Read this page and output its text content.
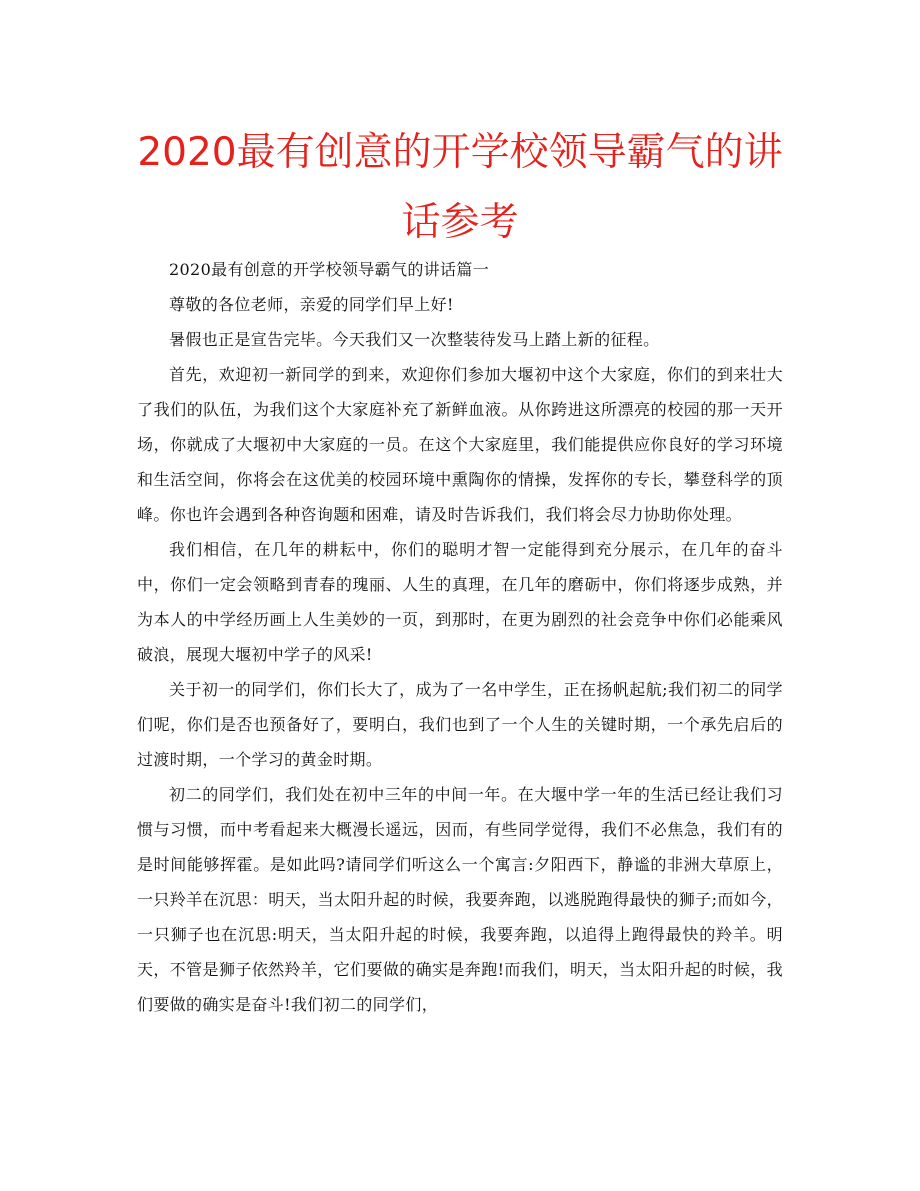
2020最有创意的开学校领导霸气的讲话参考

2020最有创意的开学校领导霸气的讲话篇一

尊敬的各位老师，亲爱的同学们早上好!

暑假也正是宣告完毕。今天我们又一次整装待发马上踏上新的征程。

首先，欢迎初一新同学的到来，欢迎你们参加大堰初中这个大家庭，你们的到来壮大了我们的队伍，为我们这个大家庭补充了新鲜血液。从你跨进这所漂亮的校园的那一天开场，你就成了大堰初中大家庭的一员。在这个大家庭里，我们能提供应你良好的学习环境和生活空间，你将会在这优美的校园环境中熏陶你的情操，发挥你的专长，攀登科学的顶峰。你也许会遇到各种咨询题和困难，请及时告诉我们，我们将会尽力协助你处理。

我们相信，在几年的耕耘中，你们的聪明才智一定能得到充分展示，在几年的奋斗中，你们一定会领略到青春的瑰丽、人生的真理，在几年的磨砺中，你们将逐步成熟，并为本人的中学经历画上人生美妙的一页，到那时，在更为剧烈的社会竞争中你们必能乘风破浪，展现大堰初中学子的风采!

关于初一的同学们，你们长大了，成为了一名中学生，正在扬帆起航;我们初二的同学们呢，你们是否也预备好了，要明白，我们也到了一个人生的关键时期，一个承先启后的过渡时期，一个学习的黄金时期。

初二的同学们，我们处在初中三年的中间一年。在大堰中学一年的生活已经让我们习惯与习惯，而中考看起来大概漫长遥远，因而，有些同学觉得，我们不必焦急，我们有的是时间能够挥霍。是如此吗?请同学们听这么一个寓言:夕阳西下，静谧的非洲大草原上，一只羚羊在沉思：明天，当太阳升起的时候，我要奔跑，以逃脱跑得最快的狮子;而如今，一只狮子也在沉思:明天，当太阳升起的时候，我要奔跑，以追得上跑得最快的羚羊。明天，不管是狮子依然羚羊，它们要做的确实是奔跑!而我们，明天，当太阳升起的时候，我们要做的确实是奋斗!我们初二的同学们，
